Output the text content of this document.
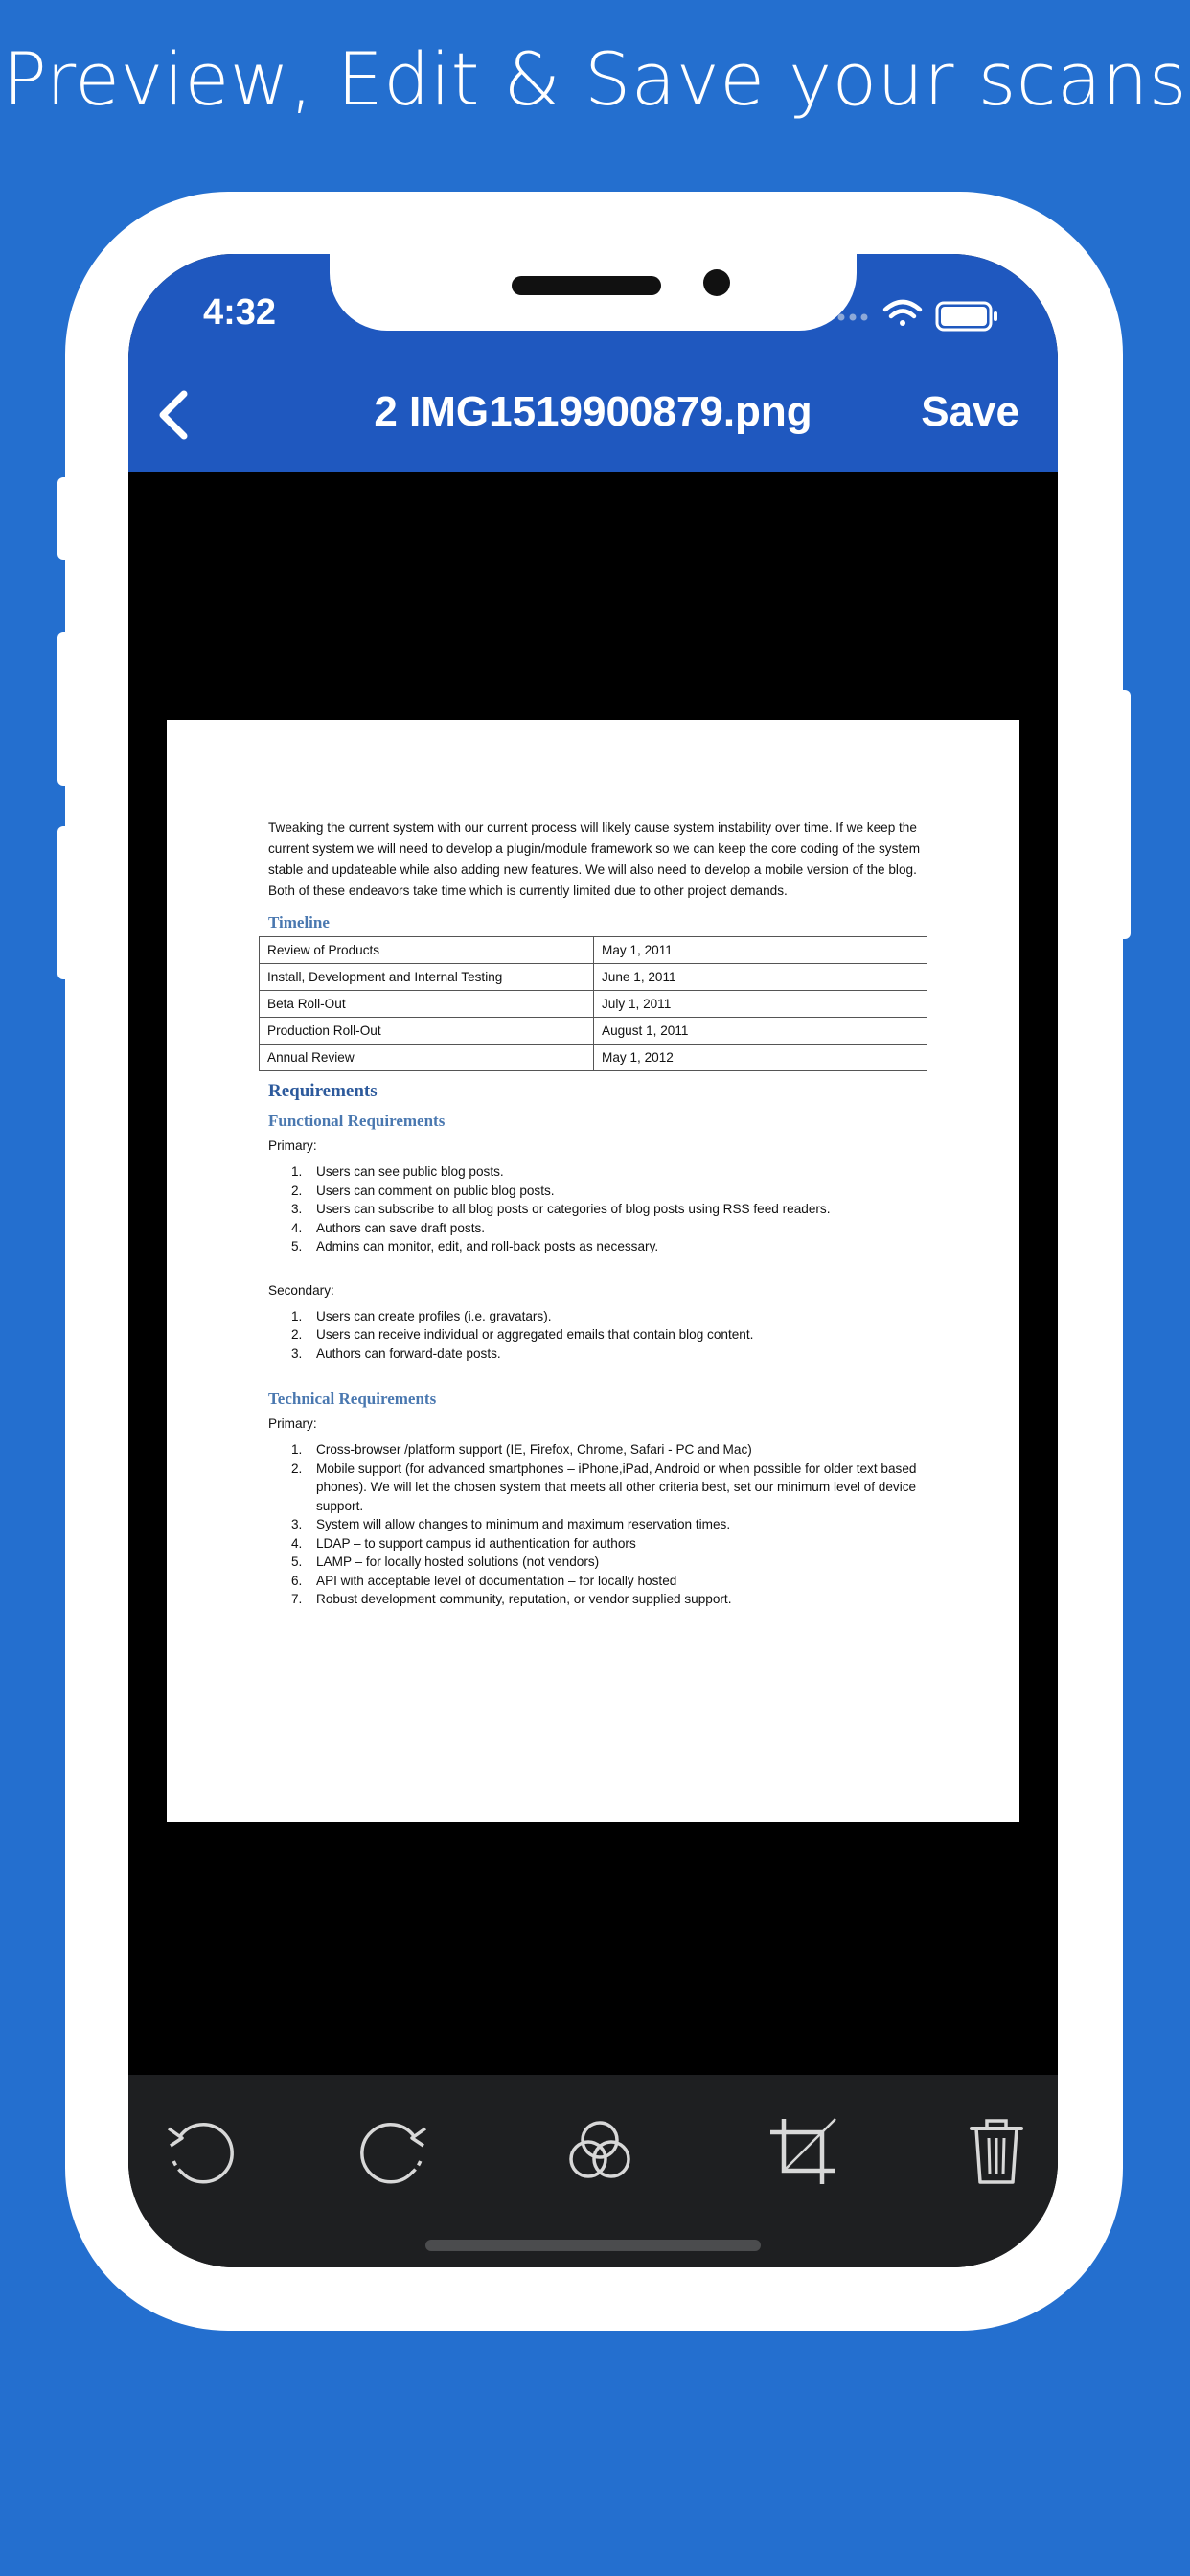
Preview, Edit & Save your scans
4:32
2 IMG1519900879.png	Save

Tweaking the current system with our current process will likely cause system instability over time. If we keep the current system we will need to develop a plugin/module framework so we can keep the core coding of the system stable and updateable while also adding new features. We will also need to develop a mobile version of the blog. Both of these endeavors take time which is currently limited due to other project demands.

Timeline
Review of Products	May 1, 2011
Install, Development and Internal Testing	June 1, 2011
Beta Roll-Out	July 1, 2011
Production Roll-Out	August 1, 2011
Annual Review	May 1, 2012
Requirements
Functional Requirements
Primary:
1.	Users can see public blog posts.
2.	Users can comment on public blog posts.
3.	Users can subscribe to all blog posts or categories of blog posts using RSS feed readers.
4.	Authors can save draft posts.
5.	Admins can monitor, edit, and roll-back posts as necessary.
Secondary:
1.	Users can create profiles (i.e. gravatars).
2.	Users can receive individual or aggregated emails that contain blog content.
3.	Authors can forward-date posts.
Technical Requirements
Primary:
1.	Cross-browser /platform support (IE, Firefox, Chrome, Safari - PC and Mac)
2.	Mobile support (for advanced smartphones – iPhone,iPad, Android or when possible for older text based phones). We will let the chosen system that meets all other criteria best, set our minimum level of device support.
3.	System will allow changes to minimum and maximum reservation times.
4.	LDAP – to support campus id authentication for authors
5.	LAMP – for locally hosted solutions (not vendors)
6.	API with acceptable level of documentation – for locally hosted
7.	Robust development community, reputation, or vendor supplied support.
